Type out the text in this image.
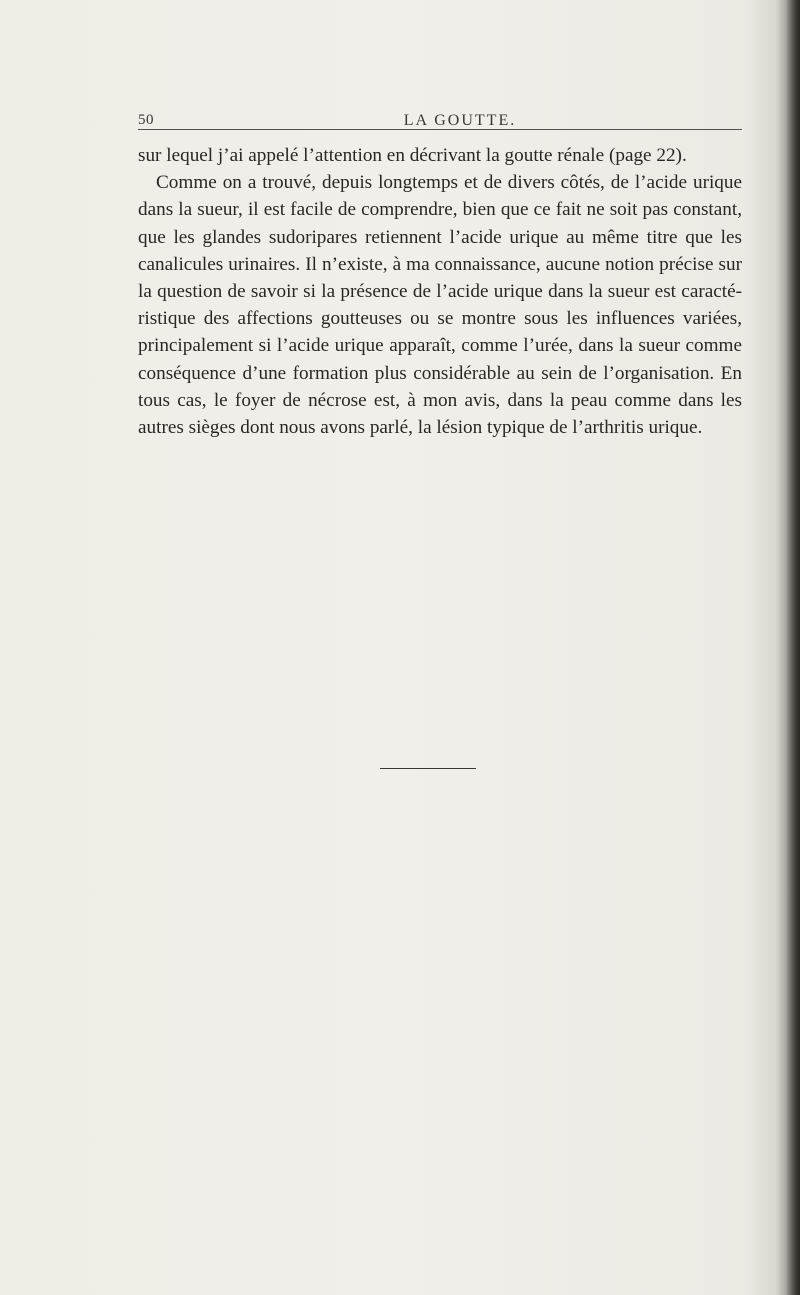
50	LA GOUTTE.

sur lequel j’ai appelé l’attention en décrivant la goutte rénale (page 22).

Comme on a trouvé, depuis longtemps et de divers côtés, de l’acide urique dans la sueur, il est facile de comprendre, bien que ce fait ne soit pas constant, que les glandes sudoripares retiennent l’acide urique au même titre que les canalicules urinaires. Il n’existe, à ma connaissance, aucune notion précise sur la question de savoir si la présence de l’acide urique dans la sueur est caractéristique des affections goutteuses ou se montre sous les influences variées, principalement si l’acide urique apparaît, comme l’urée, dans la sueur comme conséquence d’une formation plus considérable au sein de l’organisation. En tous cas, le foyer de nécrose est, à mon avis, dans la peau comme dans les autres sièges dont nous avons parlé, la lésion typique de l’arthritis urique.
